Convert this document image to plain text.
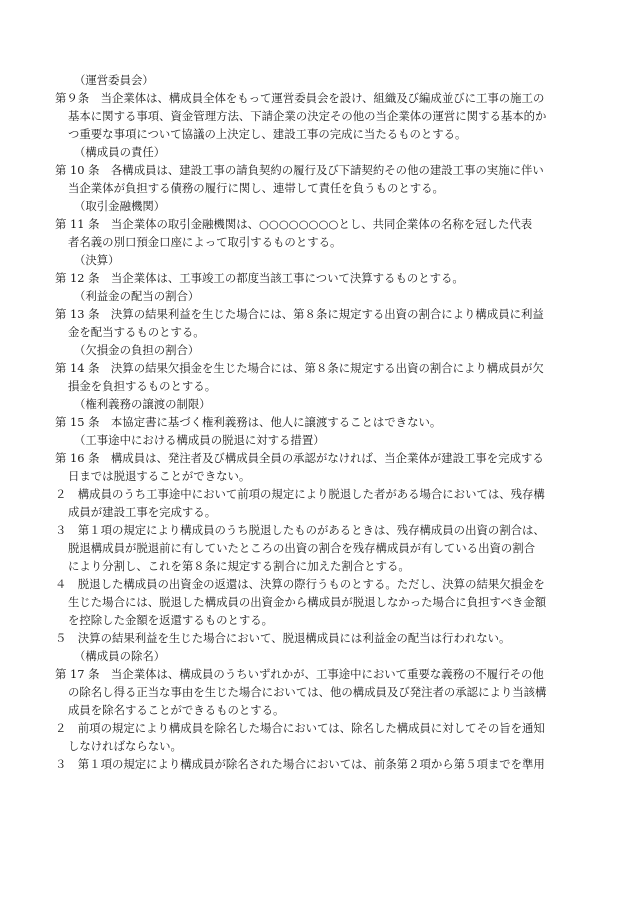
（運営委員会）
第９条　当企業体は、構成員全体をもって運営委員会を設け、組織及び編成並びに工事の施工の
基本に関する事項、資金管理方法、下請企業の決定その他の当企業体の運営に関する基本的か
つ重要な事項について協議の上決定し、建設工事の完成に当たるものとする。
（構成員の責任）
第 10 条　各構成員は、建設工事の請負契約の履行及び下請契約その他の建設工事の実施に伴い
当企業体が負担する債務の履行に関し、連帯して責任を負うものとする。
（取引金融機関）
第 11 条　当企業体の取引金融機関は、○○○○○○○○とし、共同企業体の名称を冠した代表
者名義の別口預金口座によって取引するものとする。
（決算）
第 12 条　当企業体は、工事竣工の都度当該工事について決算するものとする。
（利益金の配当の割合）
第 13 条　決算の結果利益を生じた場合には、第８条に規定する出資の割合により構成員に利益
金を配当するものとする。
（欠損金の負担の割合）
第 14 条　決算の結果欠損金を生じた場合には、第８条に規定する出資の割合により構成員が欠
損金を負担するものとする。
（権利義務の譲渡の制限）
第 15 条　本協定書に基づく権利義務は、他人に譲渡することはできない。
（工事途中における構成員の脱退に対する措置）
第 16 条　構成員は、発注者及び構成員全員の承認がなければ、当企業体が建設工事を完成する
日までは脱退することができない。
２　構成員のうち工事途中において前項の規定により脱退した者がある場合においては、残存構
成員が建設工事を完成する。
３　第１項の規定により構成員のうち脱退したものがあるときは、残存構成員の出資の割合は、
脱退構成員が脱退前に有していたところの出資の割合を残存構成員が有している出資の割合
により分割し、これを第８条に規定する割合に加えた割合とする。
４　脱退した構成員の出資金の返還は、決算の際行うものとする。ただし、決算の結果欠損金を
生じた場合には、脱退した構成員の出資金から構成員が脱退しなかった場合に負担すべき金額
を控除した金額を返還するものとする。
５　決算の結果利益を生じた場合において、脱退構成員には利益金の配当は行われない。
（構成員の除名）
第 17 条　当企業体は、構成員のうちいずれかが、工事途中において重要な義務の不履行その他
の除名し得る正当な事由を生じた場合においては、他の構成員及び発注者の承認により当該構
成員を除名することができるものとする。
２　前項の規定により構成員を除名した場合においては、除名した構成員に対してその旨を通知
しなければならない。
３　第１項の規定により構成員が除名された場合においては、前条第２項から第５項までを準用
